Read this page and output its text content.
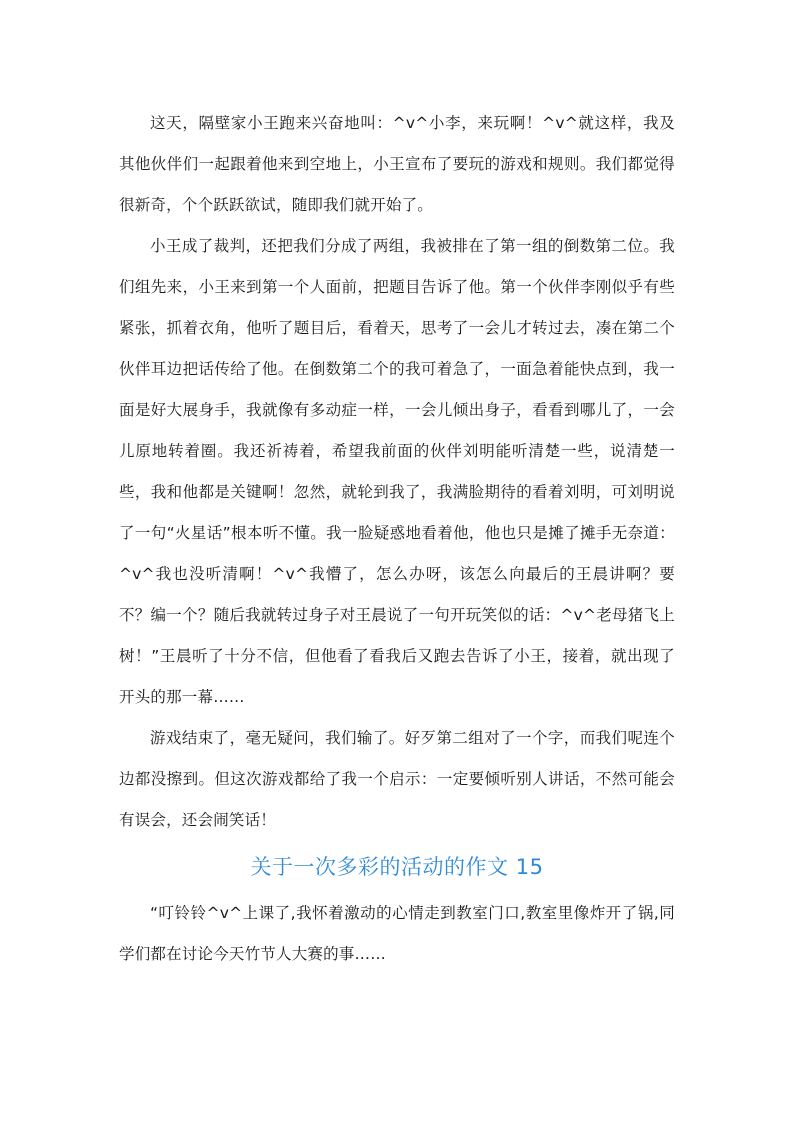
这天，隔壁家小王跑来兴奋地叫：^v^小李，来玩啊！^v^就这样，我及其他伙伴们一起跟着他来到空地上，小王宣布了要玩的游戏和规则。我们都觉得很新奇，个个跃跃欲试，随即我们就开始了。

小王成了裁判，还把我们分成了两组，我被排在了第一组的倒数第二位。我们组先来，小王来到第一个人面前，把题目告诉了他。第一个伙伴李刚似乎有些紧张，抓着衣角，他听了题目后，看着天，思考了一会儿才转过去，凑在第二个伙伴耳边把话传给了他。在倒数第二个的我可着急了，一面急着能快点到，我一面是好大展身手，我就像有多动症一样，一会儿倾出身子，看看到哪儿了，一会儿原地转着圈。我还祈祷着，希望我前面的伙伴刘明能听清楚一些，说清楚一些，我和他都是关键啊！忽然，就轮到我了，我满脸期待的看着刘明，可刘明说了一句“火星话”根本听不懂。我一脸疑惑地看着他，他也只是摊了摊手无奈道：^v^我也没听清啊！^v^我懵了，怎么办呀，该怎么向最后的王晨讲啊？要不？编一个？随后我就转过身子对王晨说了一句开玩笑似的话：^v^老母猪飞上树！”王晨听了十分不信，但他看了看我后又跑去告诉了小王，接着，就出现了开头的那一幕……

游戏结束了，毫无疑问，我们输了。好歹第二组对了一个字，而我们呢连个边都没擦到。但这次游戏都给了我一个启示：一定要倾听别人讲话，不然可能会有误会，还会闹笑话！

关于一次多彩的活动的作文 15

“叮铃铃^v^上课了,我怀着激动的心情走到教室门口,教室里像炸开了锅,同学们都在讨论今天竹节人大赛的事……
